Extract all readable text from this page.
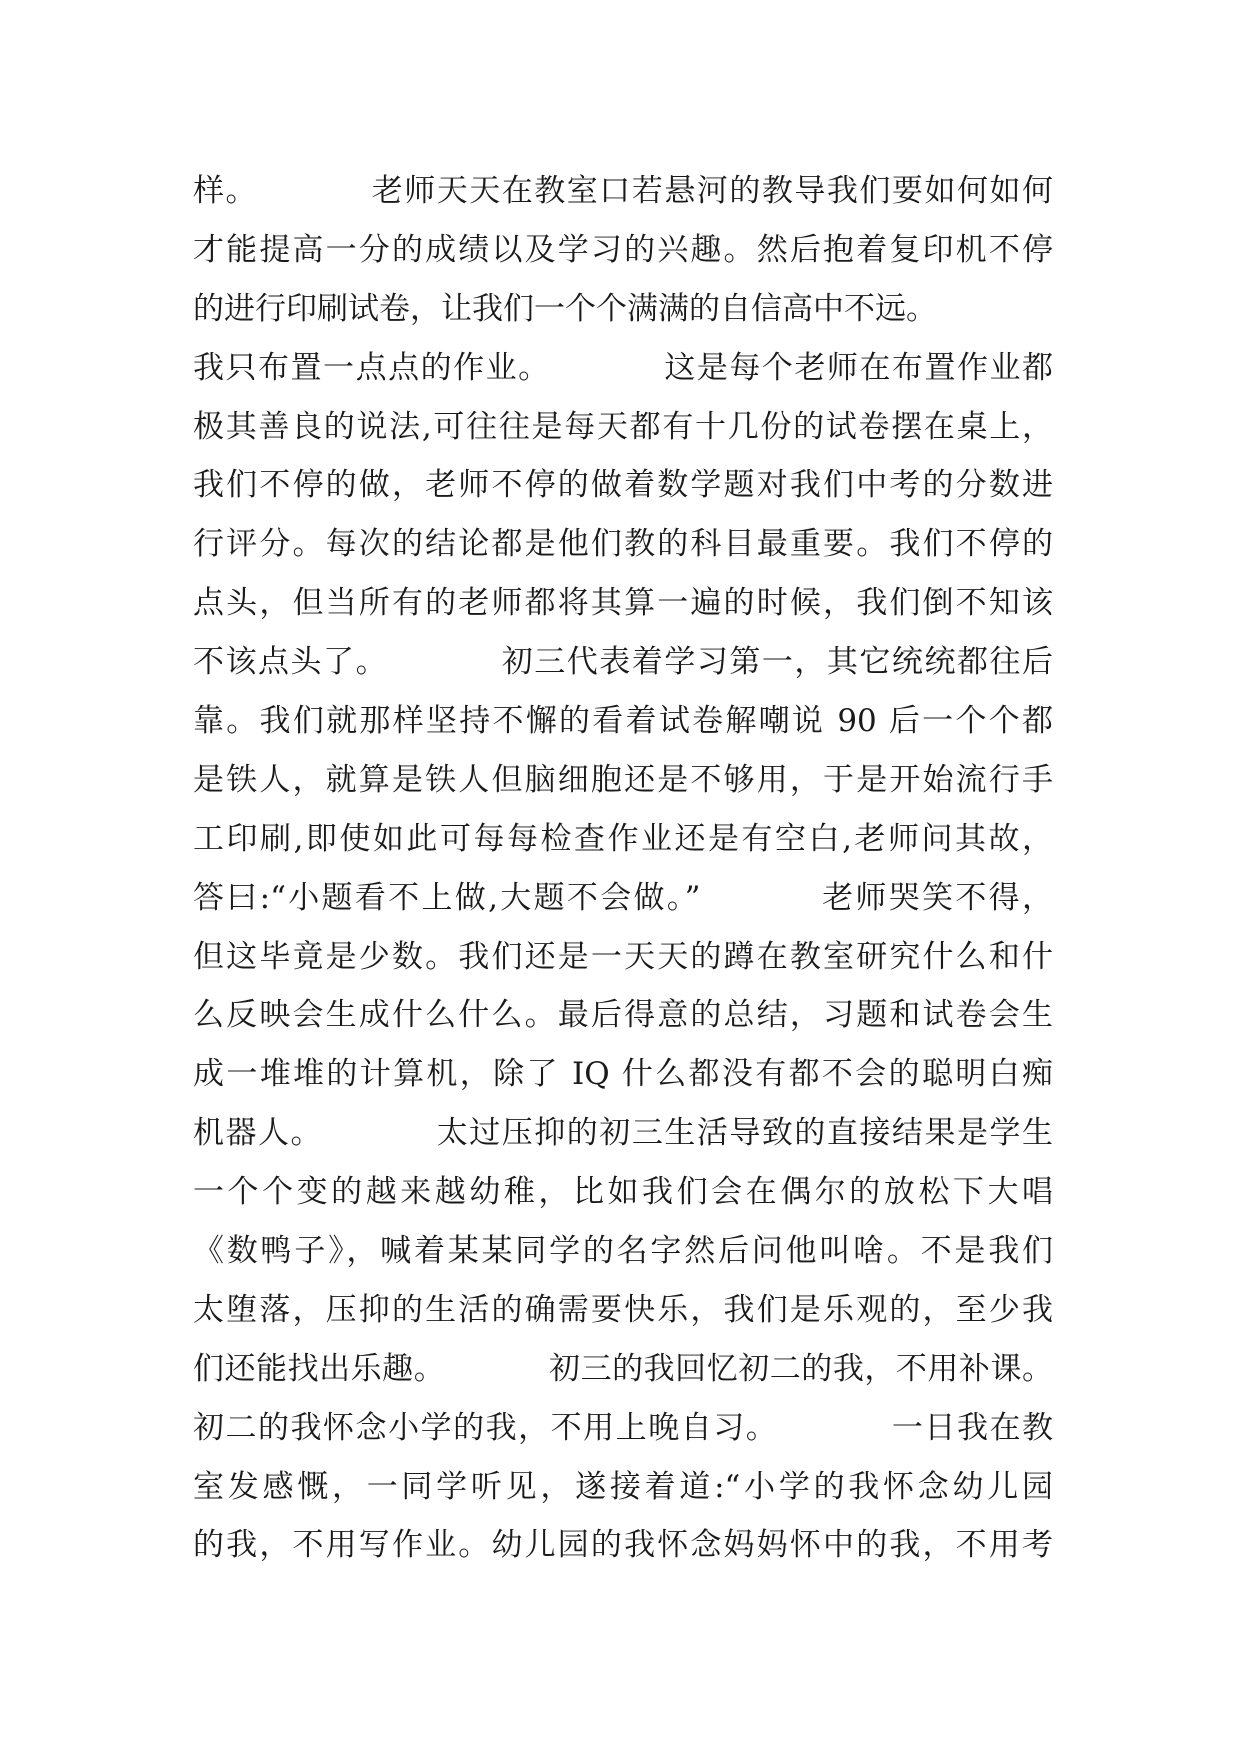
样。          老师天天在教室口若悬河的教导我们要如何如何
才能提高一分的成绩以及学习的兴趣。然后抱着复印机不停
的进行印刷试卷，让我们一个个满满的自信高中不远。
我只布置一点点的作业。          这是每个老师在布置作业都
极其善良的说法,可往往是每天都有十几份的试卷摆在桌上，
我们不停的做，老师不停的做着数学题对我们中考的分数进
行评分。每次的结论都是他们教的科目最重要。我们不停的
点头，但当所有的老师都将其算一遍的时候，我们倒不知该
不该点头了。          初三代表着学习第一，其它统统都往后
靠。我们就那样坚持不懈的看着试卷解嘲说 90 后一个个都
是铁人，就算是铁人但脑细胞还是不够用，于是开始流行手
工印刷,即使如此可每每检查作业还是有空白,老师问其故，
答曰:“小题看不上做,大题不会做。”          老师哭笑不得，
但这毕竟是少数。我们还是一天天的蹲在教室研究什么和什
么反映会生成什么什么。最后得意的总结，习题和试卷会生
成一堆堆的计算机，除了 IQ 什么都没有都不会的聪明白痴
机器人。          太过压抑的初三生活导致的直接结果是学生
一个个变的越来越幼稚，比如我们会在偶尔的放松下大唱
《数鸭子》，喊着某某同学的名字然后问他叫啥。不是我们
太堕落，压抑的生活的确需要快乐，我们是乐观的，至少我
们还能找出乐趣。          初三的我回忆初二的我，不用补课。
初二的我怀念小学的我，不用上晚自习。          一日我在教
室发感慨，一同学听见，遂接着道:“小学的我怀念幼儿园
的我，不用写作业。幼儿园的我怀念妈妈怀中的我，不用考
